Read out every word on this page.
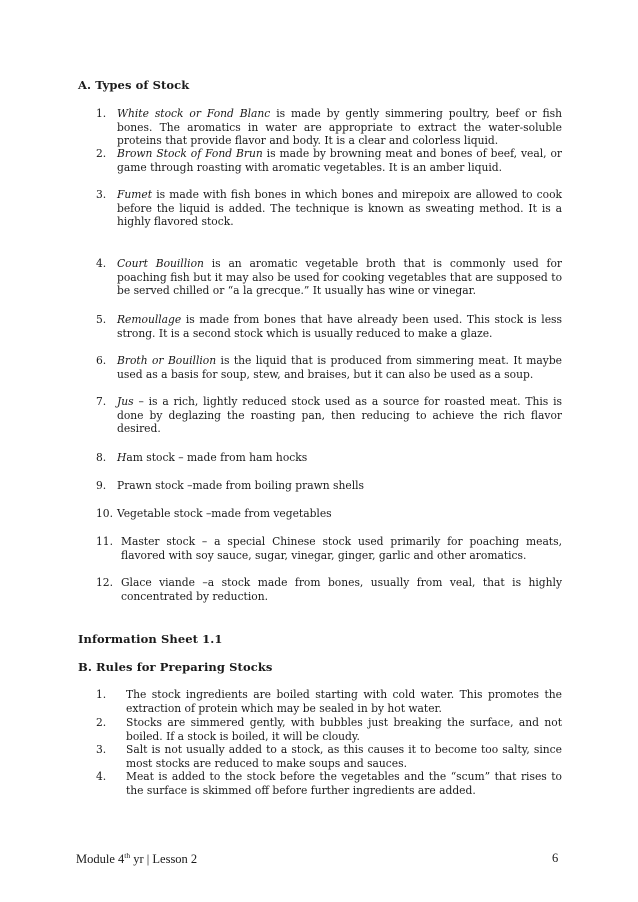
A. Types of Stock
1.	White stock or Fond Blanc is made by gently simmering poultry, beef or fish bones. The aromatics in water are appropriate to extract the water-soluble proteins that provide flavor and body. It is a clear and colorless liquid.
2.	Brown Stock of Fond Brun is made by browning meat and bones of beef, veal, or game through roasting with aromatic vegetables. It is an amber liquid.
3.	Fumet is made with fish bones in which bones and mirepoix are allowed to cook before the liquid is added. The technique is known as sweating method. It is a highly flavored stock.
4.	Court Bouillion is an aromatic vegetable broth that is commonly used for poaching fish but it may also be used for cooking vegetables that are supposed to be served chilled or “a la grecque.” It usually has wine or vinegar.
5.	Remoullage is made from bones that have already been used. This stock is less strong. It is a second stock which is usually reduced to make a glaze.
6.	Broth or Bouillion is the liquid that is produced from simmering meat. It maybe used as a basis for soup, stew, and braises, but it can also be used as a soup.
7.	Jus – is a rich, lightly reduced stock used as a source for roasted meat. This is done by deglazing the roasting pan, then reducing to achieve the rich flavor desired.
8.	Ham stock – made from ham hocks
9.	Prawn stock –made from boiling prawn shells
10. Vegetable stock –made from vegetables
11. Master stock – a special Chinese stock used primarily for poaching meats, flavored with soy sauce, sugar, vinegar, ginger, garlic and other aromatics.
12. Glace viande –a stock made from bones, usually from veal, that is highly concentrated by reduction.
Information Sheet 1.1
B. Rules for Preparing Stocks
1.	The stock ingredients are boiled starting with cold water. This promotes the extraction of protein which may be sealed in by hot water.
2.	Stocks are simmered gently, with bubbles just breaking the surface, and not boiled. If a stock is boiled, it will be cloudy.
3.	Salt is not usually added to a stock, as this causes it to become too salty, since most stocks are reduced to make soups and sauces.
4.	Meat is added to the stock before the vegetables and the “scum” that rises to the surface is skimmed off before further ingredients are added.
Module 4th yr | Lesson 2	6
